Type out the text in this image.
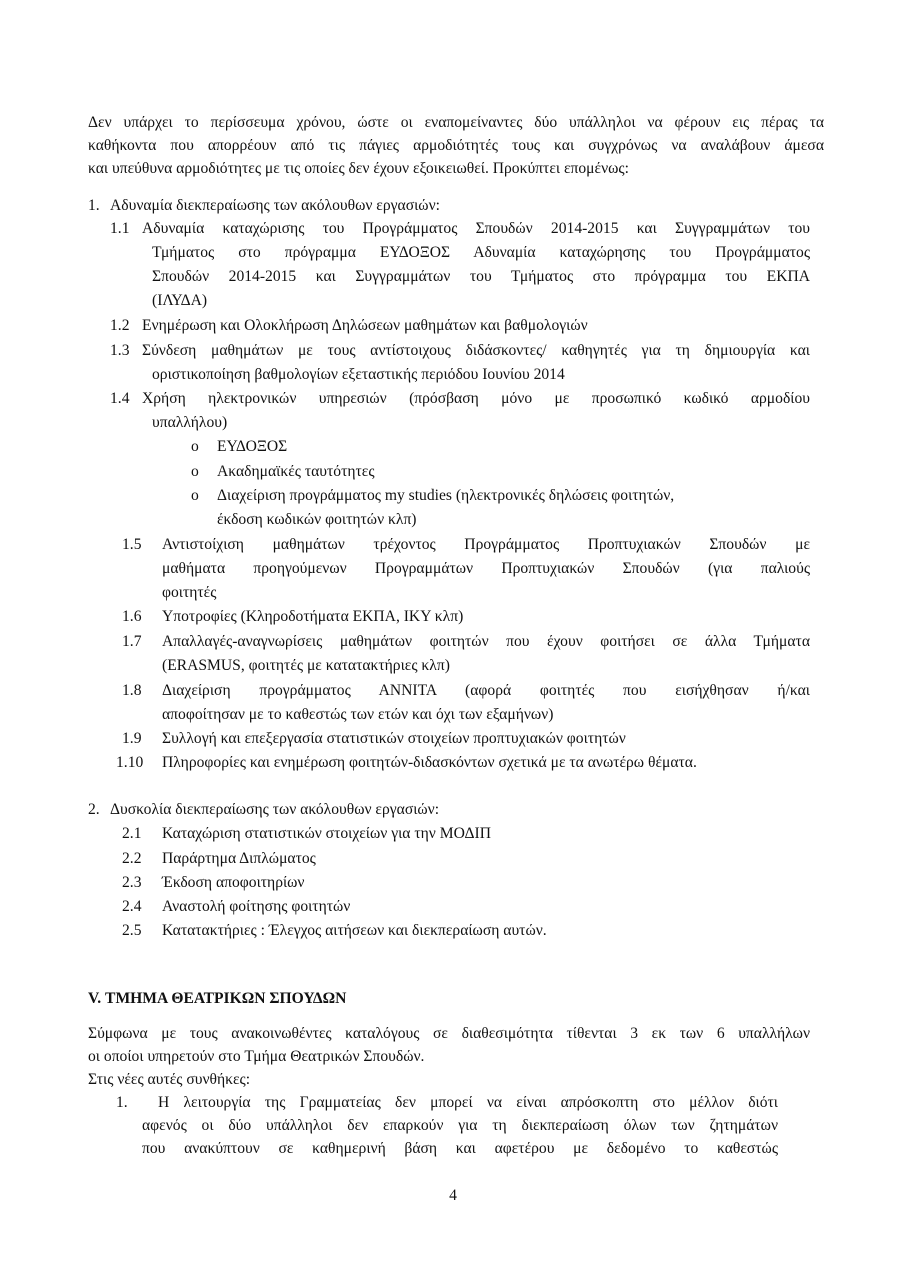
Δεν υπάρχει το περίσσευμα χρόνου, ώστε οι εναπομείναντες δύο υπάλληλοι να φέρουν εις πέρας τα
καθήκοντα που απορρέουν από τις πάγιες αρμοδιότητές τους και συγχρόνως να αναλάβουν άμεσα
και υπεύθυνα αρμοδιότητες με τις οποίες δεν έχουν εξοικειωθεί. Προκύπτει επομένως:
1. Αδυναμία διεκπεραίωσης των ακόλουθων εργασιών:
1.1 Αδυναμία καταχώρισης του Προγράμματος Σπουδών 2014-2015 και Συγγραμμάτων του
Τμήματος στο πρόγραμμα ΕΥΔΟΞΟΣ Αδυναμία καταχώρησης του Προγράμματος
Σπουδών 2014-2015 και Συγγραμμάτων του Τμήματος στο πρόγραμμα του ΕΚΠΑ
(ΙΛΥΔΑ)
1.2 Ενημέρωση και Ολοκλήρωση Δηλώσεων μαθημάτων και βαθμολογιών
1.3 Σύνδεση μαθημάτων με τους αντίστοιχους διδάσκοντες/ καθηγητές για τη δημιουργία και
οριστικοποίηση βαθμολογίων εξεταστικής περιόδου Ιουνίου 2014
1.4 Χρήση ηλεκτρονικών υπηρεσιών (πρόσβαση μόνο με προσωπικό κωδικό αρμοδίου
υπαλλήλου)
o ΕΥΔΟΞΟΣ
o Ακαδημαϊκές ταυτότητες
o Διαχείριση προγράμματος my studies (ηλεκτρονικές δηλώσεις φοιτητών,
έκδοση κωδικών φοιτητών κλπ)
1.5 Αντιστοίχιση μαθημάτων τρέχοντος Προγράμματος Προπτυχιακών Σπουδών με
μαθήματα προηγούμενων Προγραμμάτων Προπτυχιακών Σπουδών (για παλιούς
φοιτητές
1.6 Υποτροφίες (Κληροδοτήματα ΕΚΠΑ, ΙΚΥ κλπ)
1.7 Απαλλαγές-αναγνωρίσεις μαθημάτων φοιτητών που έχουν φοιτήσει σε άλλα Τμήματα
(ERASMUS, φοιτητές με κατατακτήριες κλπ)
1.8 Διαχείριση προγράμματος ΑΝΝΙΤΑ (αφορά φοιτητές που εισήχθησαν ή/και
αποφοίτησαν με το καθεστώς των ετών και όχι των εξαμήνων)
1.9 Συλλογή και επεξεργασία στατιστικών στοιχείων προπτυχιακών φοιτητών
1.10 Πληροφορίες και ενημέρωση φοιτητών-διδασκόντων σχετικά με τα ανωτέρω θέματα.
2. Δυσκολία διεκπεραίωσης των ακόλουθων εργασιών:
2.1 Καταχώριση στατιστικών στοιχείων για την ΜΟΔΙΠ
2.2 Παράρτημα Διπλώματος
2.3 Έκδοση αποφοιτηρίων
2.4 Αναστολή φοίτησης φοιτητών
2.5 Κατατακτήριες : Έλεγχος αιτήσεων και διεκπεραίωση αυτών.
V. ΤΜΗΜΑ ΘΕΑΤΡΙΚΩΝ ΣΠΟΥΔΩΝ
Σύμφωνα με τους ανακοινωθέντες καταλόγους σε διαθεσιμότητα τίθενται 3 εκ των 6 υπαλλήλων
οι οποίοι υπηρετούν στο Τμήμα Θεατρικών Σπουδών.
Στις νέες αυτές συνθήκες:
1. Η λειτουργία της Γραμματείας δεν μπορεί να είναι απρόσκοπτη στο μέλλον διότι
αφενός οι δύο υπάλληλοι δεν επαρκούν για τη διεκπεραίωση όλων των ζητημάτων
που ανακύπτουν σε καθημερινή βάση και αφετέρου με δεδομένο το καθεστώς
4
